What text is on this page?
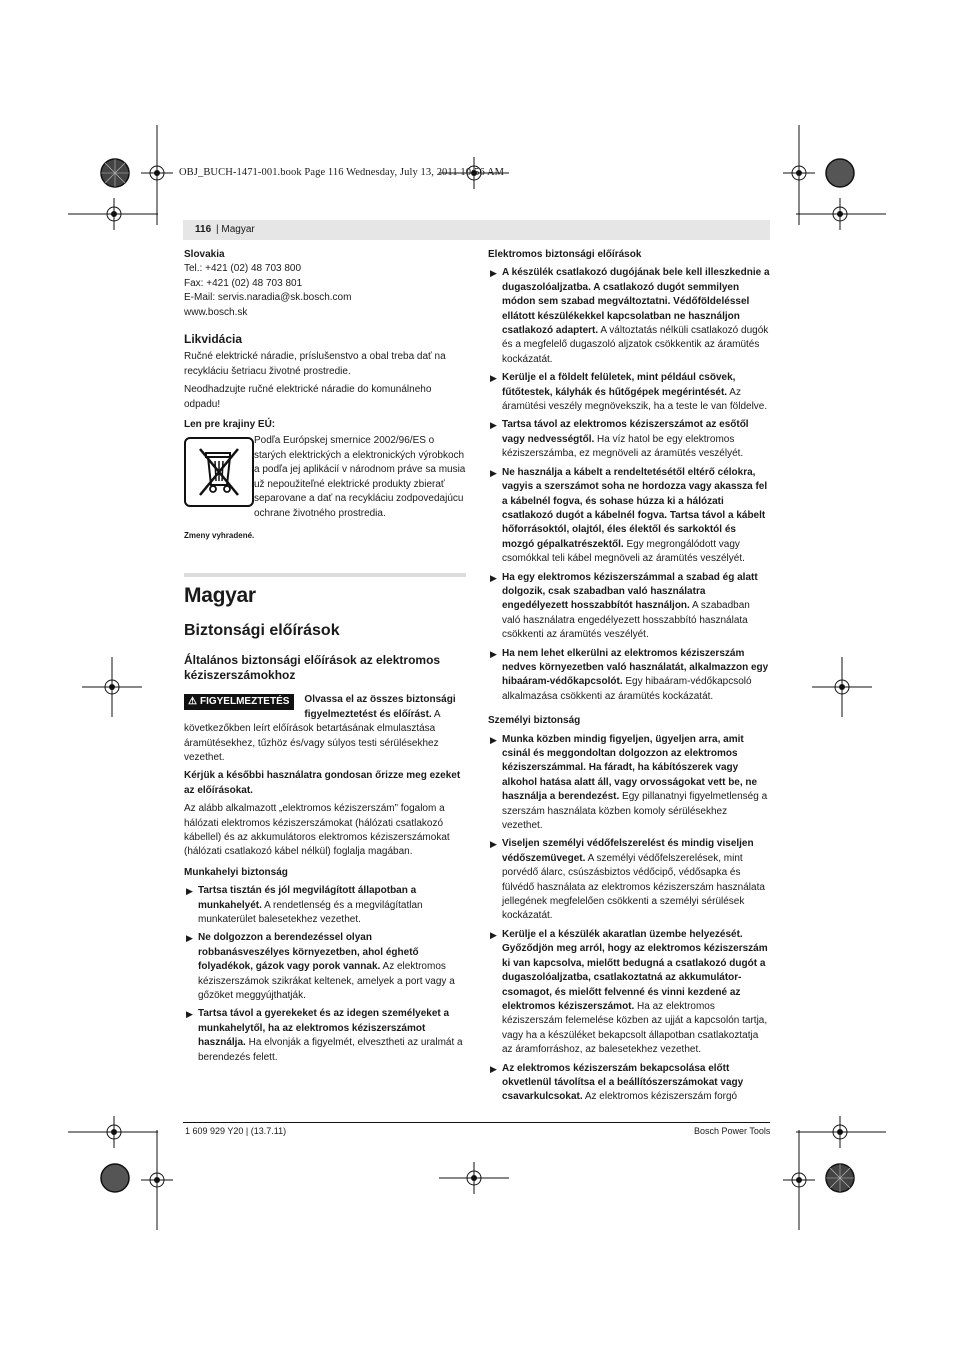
OBJ_BUCH-1471-001.book Page 116 Wednesday, July 13, 2011 10:56 AM
116 | Magyar

Slovakia

Tel.: +421 (02) 48 703 800

Fax: +421 (02) 48 703 801

E-Mail: servis.naradia@sk.bosch.com

www.bosch.sk

Likvidácia

Ručné elektrické náradie, príslušenstvo a obal treba dať na recykláciu šetriacu životné prostredie.

Neodhadzujte ručné elektrické náradie do komunálneho odpadu!

Len pre krajiny EÚ:

Podľa Európskej smernice 2002/96/ES o starých elektrických a elektronických výrobkoch a podľa jej aplikácií v národnom práve sa musia už nepoužiteľné elektrické produkty zbierať separovane a dať na recykláciu zodpovedajúcu ochrane životného prostredia.

Zmeny vyhradené.

Magyar

Biztonsági előírások

Általános biztonsági előírások az elektromos kéziszerszámokhoz

⚠ FIGYELMEZTETÉS	Olvassa el az összes biztonsági figyelmeztetést és előírást. A következőkben leírt előírások betartásának elmulasztása áramütésekhez, tűzhöz és/vagy súlyos testi sérülésekhez vezethet.

Kérjük a későbbi használatra gondosan őrizze meg ezeket az előírásokat.

Az alább alkalmazott „elektromos kéziszerszám” fogalom a hálózati elektromos kéziszerszámokat (hálózati csatlakozó kábellel) és az akkumulátoros elektromos kéziszerszámokat (hálózati csatlakozó kábel nélkül) foglalja magában.

Munkahelyi biztonság

▶ Tartsa tisztán és jól megvilágított állapotban a munkahelyét. A rendetlenség és a megvilágítatlan munkaterület balesetekhez vezethet.

▶ Ne dolgozzon a berendezéssel olyan robbanásveszélyes környezetben, ahol éghető folyadékok, gázok vagy porok vannak. Az elektromos kéziszerszámok szikrákat keltenek, amelyek a port vagy a gőzöket meggyújthatják.

▶ Tartsa távol a gyerekeket és az idegen személyeket a munkahelytől, ha az elektromos kéziszerszámot használja. Ha elvonják a figyelmét, elvesztheti az uralmát a berendezés felett.

Elektromos biztonsági előírások

▶ A készülék csatlakozó dugójának bele kell illeszkednie a dugaszolóaljzatba. A csatlakozó dugót semmilyen módon sem szabad megváltoztatni. Védőföldeléssel ellátott készülékekkel kapcsolatban ne használjon csatlakozó adaptert. A változtatás nélküli csatlakozó dugók és a megfelelő dugaszoló aljzatok csökkentik az áramütés kockázatát.

▶ Kerülje el a földelt felületek, mint például csövek, fűtőtestek, kályhák és hűtőgépek megérintését. Az áramütési veszély megnövekszik, ha a teste le van földelve.

▶ Tartsa távol az elektromos kéziszerszámot az esőtől vagy nedvességtől. Ha víz hatol be egy elektromos kéziszerszámba, ez megnöveli az áramütés veszélyét.

▶ Ne használja a kábelt a rendeltetésétől eltérő célokra, vagyis a szerszámot soha ne hordozza vagy akassza fel a kábelnél fogva, és sohase húzza ki a hálózati csatlakozó dugót a kábelnél fogva. Tartsa távol a kábelt hőforrásoktól, olajtól, éles élektől és sarkoktól és mozgó gépalkatrészektől. Egy megrongálódott vagy csomókkal teli kábel megnöveli az áramütés veszélyét.

▶ Ha egy elektromos kéziszerszámmal a szabad ég alatt dolgozik, csak szabadban való használatra engedélyezett hosszabbítót használjon. A szabadban való használatra engedélyezett hosszabbító használata csökkenti az áramütés veszélyét.

▶ Ha nem lehet elkerülni az elektromos kéziszerszám nedves környezetben való használatát, alkalmazzon egy hibaáram-védőkapcsolót. Egy hibaáram-védőkapcsoló alkalmazása csökkenti az áramütés kockázatát.

Személyi biztonság

▶ Munka közben mindig figyeljen, ügyeljen arra, amit csinál és meggondoltan dolgozzon az elektromos kéziszerszámmal. Ha fáradt, ha kábítószerek vagy alkohol hatása alatt áll, vagy orvosságokat vett be, ne használja a berendezést. Egy pillanatnyi figyelmetlenség a szerszám használata közben komoly sérülésekhez vezethet.

▶ Viseljen személyi védőfelszerelést és mindig viseljen védőszemüveget. A személyi védőfelszerelések, mint porvédő álarc, csúszásbiztos védőcipő, védősapka és fülvédő használata az elektromos kéziszerszám használata jellegének megfelelően csökkenti a személyi sérülések kockázatát.

▶ Kerülje el a készülék akaratlan üzembe helyezését. Győződjön meg arról, hogy az elektromos kéziszerszám ki van kapcsolva, mielőtt bedugná a csatlakozó dugót a dugaszolóaljzatba, csatlakoztatná az akkumulátor-csomagot, és mielőtt felvenné és vinni kezdené az elektromos kéziszerszámot. Ha az elektromos kéziszerszám felemelése közben az ujját a kapcsolón tartja, vagy ha a készüléket bekapcsolt állapotban csatlakoztatja az áramforráshoz, az balesetekhez vezethet.

▶ Az elektromos kéziszerszám bekapcsolása előtt okvetlenül távolítsa el a beállítószerszámokat vagy csavarkulcsokat. Az elektromos kéziszerszám forgó

1 609 929 Y20 | (13.7.11)	Bosch Power Tools
